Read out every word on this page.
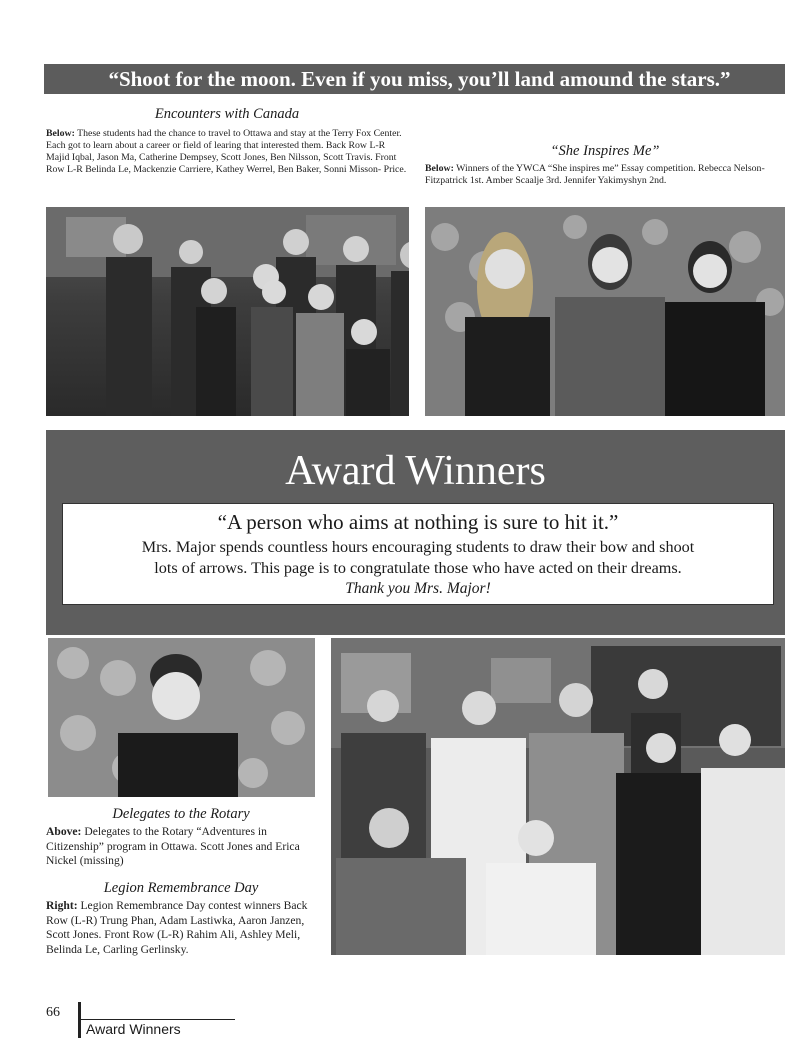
“Shoot for the moon. Even if you miss, you’ll land amound the stars.”
Encounters with Canada
Below: These students had the chance to travel to Ottawa and stay at the Terry Fox Center. Each got to learn about a career or field of learing that interested them. Back Row L-R Majid Iqbal, Jason Ma, Catherine Dempsey, Scott Jones, Ben Nilsson, Scott Travis. Front Row L-R Belinda Le, Mackenzie Carriere, Kathey Werrel, Ben Baker, Sonni Misson- Price.
“She Inspires Me”
Below: Winners of the YWCA “She inspires me” Essay competition. Rebecca Nelson- Fitzpatrick 1st. Amber Scaalje 3rd. Jennifer Yakimyshyn 2nd.
Award Winners
“A person who aims at nothing is sure to hit it.”
Mrs. Major spends countless hours encouraging students to draw their bow and shoot
lots of arrows. This page is to congratulate those who have acted on their dreams.
Thank you Mrs. Major!
Delegates to the Rotary
Above: Delegates to the Rotary “Adventures in Citizenship” program in Ottawa. Scott Jones and Erica Nickel (missing)
Legion Remembrance Day
Right: Legion Remembrance Day contest winners Back Row (L-R) Trung Phan, Adam Lastiwka, Aaron Janzen, Scott Jones. Front Row (L-R) Rahim Ali, Ashley Meli, Belinda Le, Carling Gerlinsky.
66
Award Winners
